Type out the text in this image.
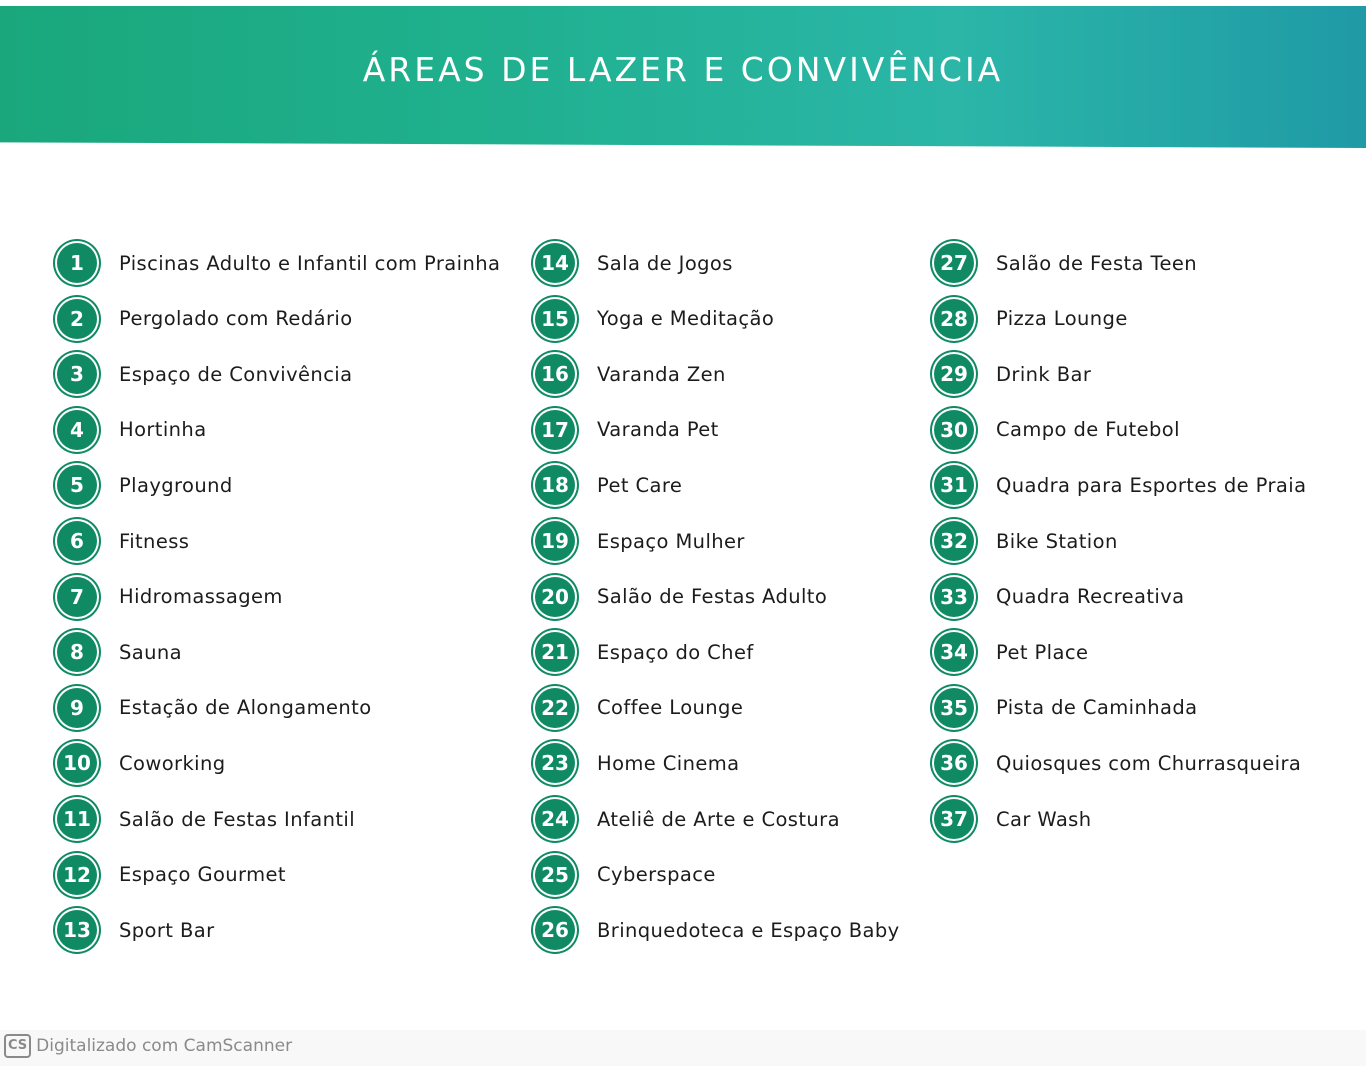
ÁREAS DE LAZER E CONVIVÊNCIA
1	Piscinas Adulto e Infantil com Prainha
2	Pergolado com Redário
3	Espaço de Convivência
4	Hortinha
5	Playground
6	Fitness
7	Hidromassagem
8	Sauna
9	Estação de Alongamento
10	Coworking
11	Salão de Festas Infantil
12	Espaço Gourmet
13	Sport Bar
14	Sala de Jogos
15	Yoga e Meditação
16	Varanda Zen
17	Varanda Pet
18	Pet Care
19	Espaço Mulher
20	Salão de Festas Adulto
21	Espaço do Chef
22	Coffee Lounge
23	Home Cinema
24	Ateliê de Arte e Costura
25	Cyberspace
26	Brinquedoteca e Espaço Baby
27	Salão de Festa Teen
28	Pizza Lounge
29	Drink Bar
30	Campo de Futebol
31	Quadra para Esportes de Praia
32	Bike Station
33	Quadra Recreativa
34	Pet Place
35	Pista de Caminhada
36	Quiosques com Churrasqueira
37	Car Wash
CS Digitalizado com CamScanner
